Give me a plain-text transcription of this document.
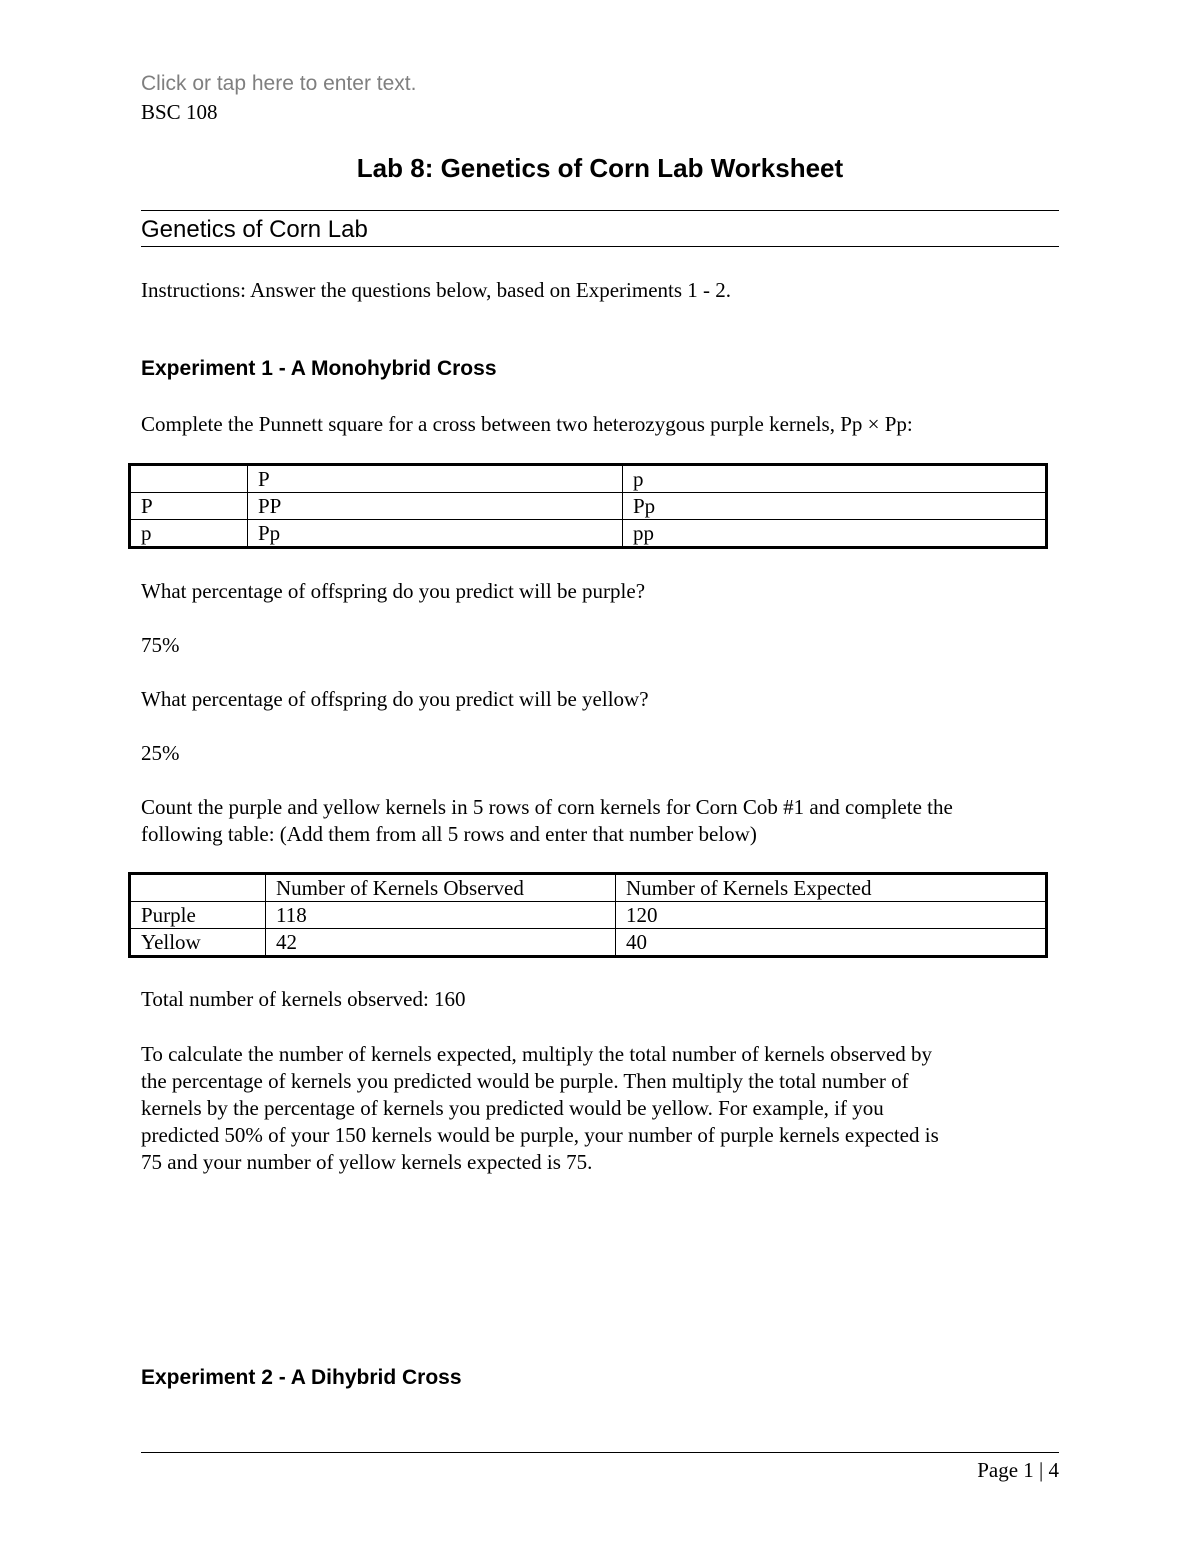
Click or tap here to enter text.
BSC 108
Lab 8: Genetics of Corn Lab Worksheet
Genetics of Corn Lab
Instructions: Answer the questions below, based on Experiments 1 - 2.
Experiment 1 - A Monohybrid Cross
Complete the Punnett square for a cross between two heterozygous purple kernels, Pp × Pp:
	P	p
P	PP	Pp
p	Pp	pp
What percentage of offspring do you predict will be purple?
75%
What percentage of offspring do you predict will be yellow?
25%
Count the purple and yellow kernels in 5 rows of corn kernels for Corn Cob #1 and complete the
following table: (Add them from all 5 rows and enter that number below)
	Number of Kernels Observed	Number of Kernels Expected
Purple	118	120
Yellow	42	40
Total number of kernels observed: 160
To calculate the number of kernels expected, multiply the total number of kernels observed by
the percentage of kernels you predicted would be purple. Then multiply the total number of
kernels by the percentage of kernels you predicted would be yellow. For example, if you
predicted 50% of your 150 kernels would be purple, your number of purple kernels expected is
75 and your number of yellow kernels expected is 75.
Experiment 2 - A Dihybrid Cross
Page 1 | 4
